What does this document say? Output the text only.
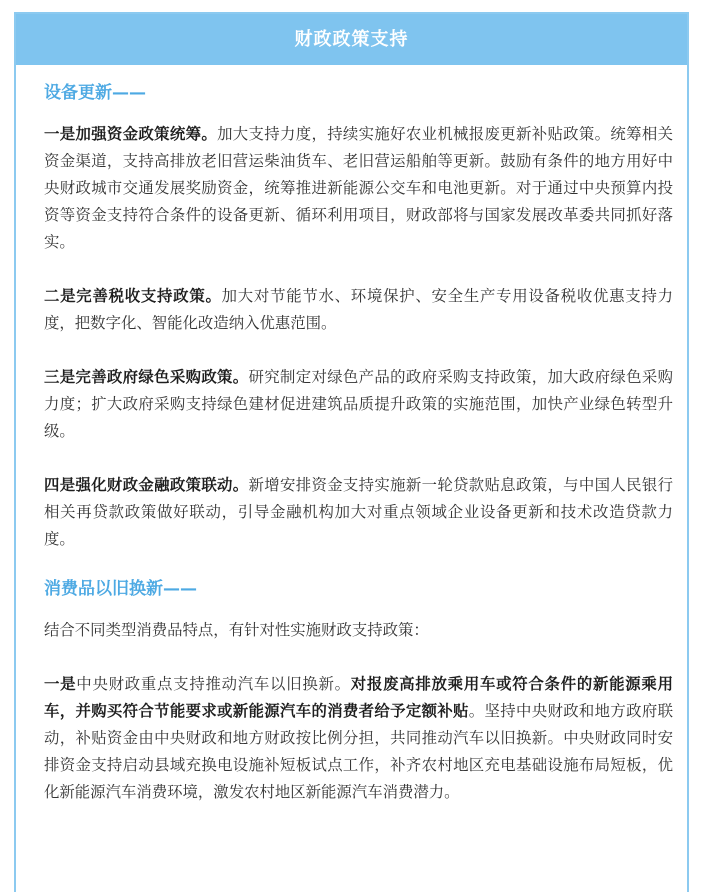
财政政策支持
设备更新——

一是加强资金政策统筹。加大支持力度，持续实施好农业机械报废更新补贴政策。统筹相关资金渠道，支持高排放老旧营运柴油货车、老旧营运船舶等更新。鼓励有条件的地方用好中央财政城市交通发展奖励资金，统筹推进新能源公交车和电池更新。对于通过中央预算内投资等资金支持符合条件的设备更新、循环利用项目，财政部将与国家发展改革委共同抓好落实。

二是完善税收支持政策。加大对节能节水、环境保护、安全生产专用设备税收优惠支持力度，把数字化、智能化改造纳入优惠范围。

三是完善政府绿色采购政策。研究制定对绿色产品的政府采购支持政策，加大政府绿色采购力度；扩大政府采购支持绿色建材促进建筑品质提升政策的实施范围，加快产业绿色转型升级。

四是强化财政金融政策联动。新增安排资金支持实施新一轮贷款贴息政策，与中国人民银行相关再贷款政策做好联动，引导金融机构加大对重点领域企业设备更新和技术改造贷款力度。

消费品以旧换新——

结合不同类型消费品特点，有针对性实施财政支持政策：

一是中央财政重点支持推动汽车以旧换新。对报废高排放乘用车或符合条件的新能源乘用车，并购买符合节能要求或新能源汽车的消费者给予定额补贴。坚持中央财政和地方政府联动，补贴资金由中央财政和地方财政按比例分担，共同推动汽车以旧换新。中央财政同时安排资金支持启动县域充换电设施补短板试点工作，补齐农村地区充电基础设施布局短板，优化新能源汽车消费环境，激发农村地区新能源汽车消费潜力。
